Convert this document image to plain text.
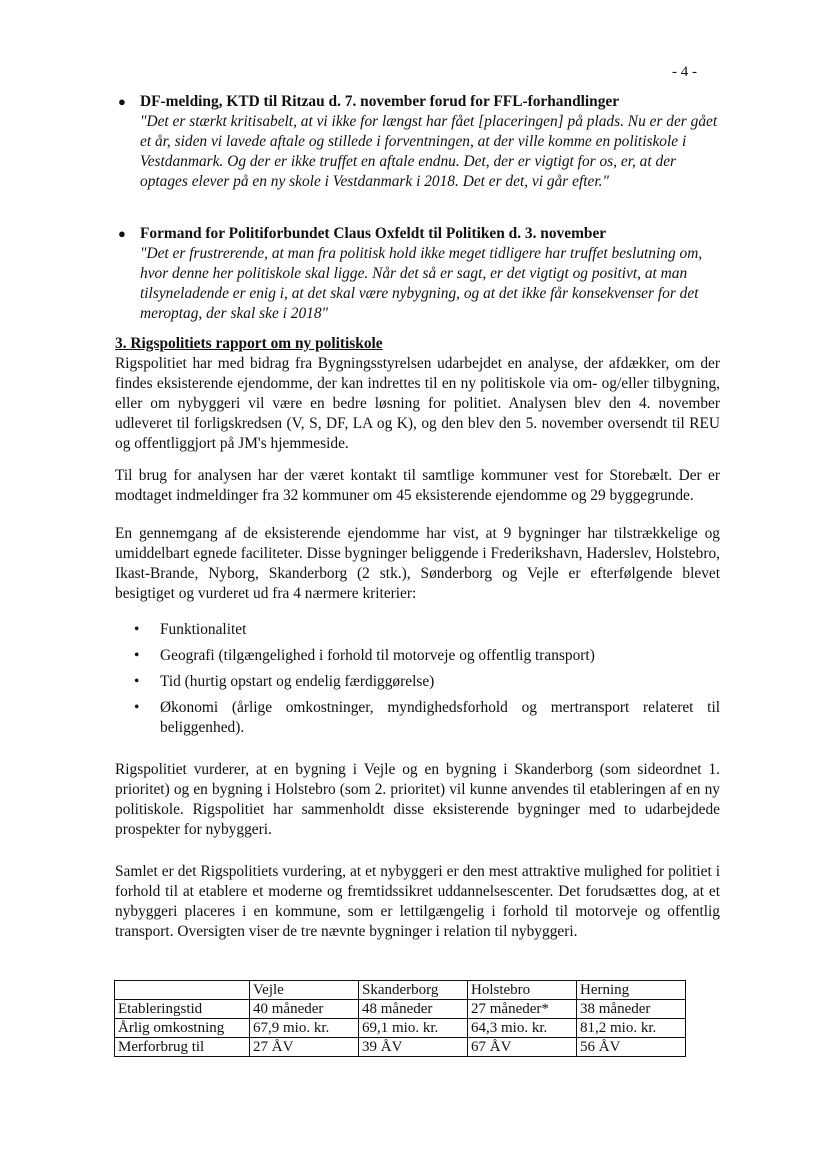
- 4 -
● DF-melding, KTD til Ritzau d. 7. november forud for FFL-forhandlinger
"Det er stærkt kritisabelt, at vi ikke for længst har fået [placeringen] på plads. Nu er der gået et år, siden vi lavede aftale og stillede i forventningen, at der ville komme en politiskole i Vestdanmark. Og der er ikke truffet en aftale endnu. Det, der er vigtigt for os, er, at der optages elever på en ny skole i Vestdanmark i 2018. Det er det, vi går efter."
● Formand for Politiforbundet Claus Oxfeldt til Politiken d. 3. november
"Det er frustrerende, at man fra politisk hold ikke meget tidligere har truffet beslutning om, hvor denne her politiskole skal ligge. Når det så er sagt, er det vigtigt og positivt, at man tilsyneladende er enig i, at det skal være nybygning, og at det ikke får konsekvenser for det meroptag, der skal ske i 2018"
3. Rigspolitiets rapport om ny politiskole
Rigspolitiet har med bidrag fra Bygningsstyrelsen udarbejdet en analyse, der afdækker, om der findes eksisterende ejendomme, der kan indrettes til en ny politiskole via om- og/eller tilbygning, eller om nybyggeri vil være en bedre løsning for politiet. Analysen blev den 4. november udleveret til forligskredsen (V, S, DF, LA og K), og den blev den 5. november oversendt til REU og offentliggjort på JM's hjemmeside.
Til brug for analysen har der været kontakt til samtlige kommuner vest for Storebælt. Der er modtaget indmeldinger fra 32 kommuner om 45 eksisterende ejendomme og 29 byggegrunde.
En gennemgang af de eksisterende ejendomme har vist, at 9 bygninger har tilstrækkelige og umiddelbart egnede faciliteter. Disse bygninger beliggende i Frederikshavn, Haderslev, Holstebro, Ikast-Brande, Nyborg, Skanderborg (2 stk.), Sønderborg og Vejle er efterfølgende blevet besigtiget og vurderet ud fra 4 nærmere kriterier:
• Funktionalitet
• Geografi (tilgængelighed i forhold til motorveje og offentlig transport)
• Tid (hurtig opstart og endelig færdiggørelse)
• Økonomi (årlige omkostninger, myndighedsforhold og mertransport relateret til beliggenhed).
Rigspolitiet vurderer, at en bygning i Vejle og en bygning i Skanderborg (som sideordnet 1. prioritet) og en bygning i Holstebro (som 2. prioritet) vil kunne anvendes til etableringen af en ny politiskole. Rigspolitiet har sammenholdt disse eksisterende bygninger med to udarbejdede prospekter for nybyggeri.
Samlet er det Rigspolitiets vurdering, at et nybyggeri er den mest attraktive mulighed for politiet i forhold til at etablere et moderne og fremtidssikret uddannelsescenter. Det forudsættes dog, at et nybyggeri placeres i en kommune, som er lettilgængelig i forhold til motorveje og offentlig transport. Oversigten viser de tre nævnte bygninger i relation til nybyggeri.
	Vejle	Skanderborg	Holstebro	Herning
Etableringstid	40 måneder	48 måneder	27 måneder*	38 måneder
Årlig omkostning	67,9 mio. kr.	69,1 mio. kr.	64,3 mio. kr.	81,2 mio. kr.
Merforbrug til	27 ÅV	39 ÅV	67 ÅV	56 ÅV
